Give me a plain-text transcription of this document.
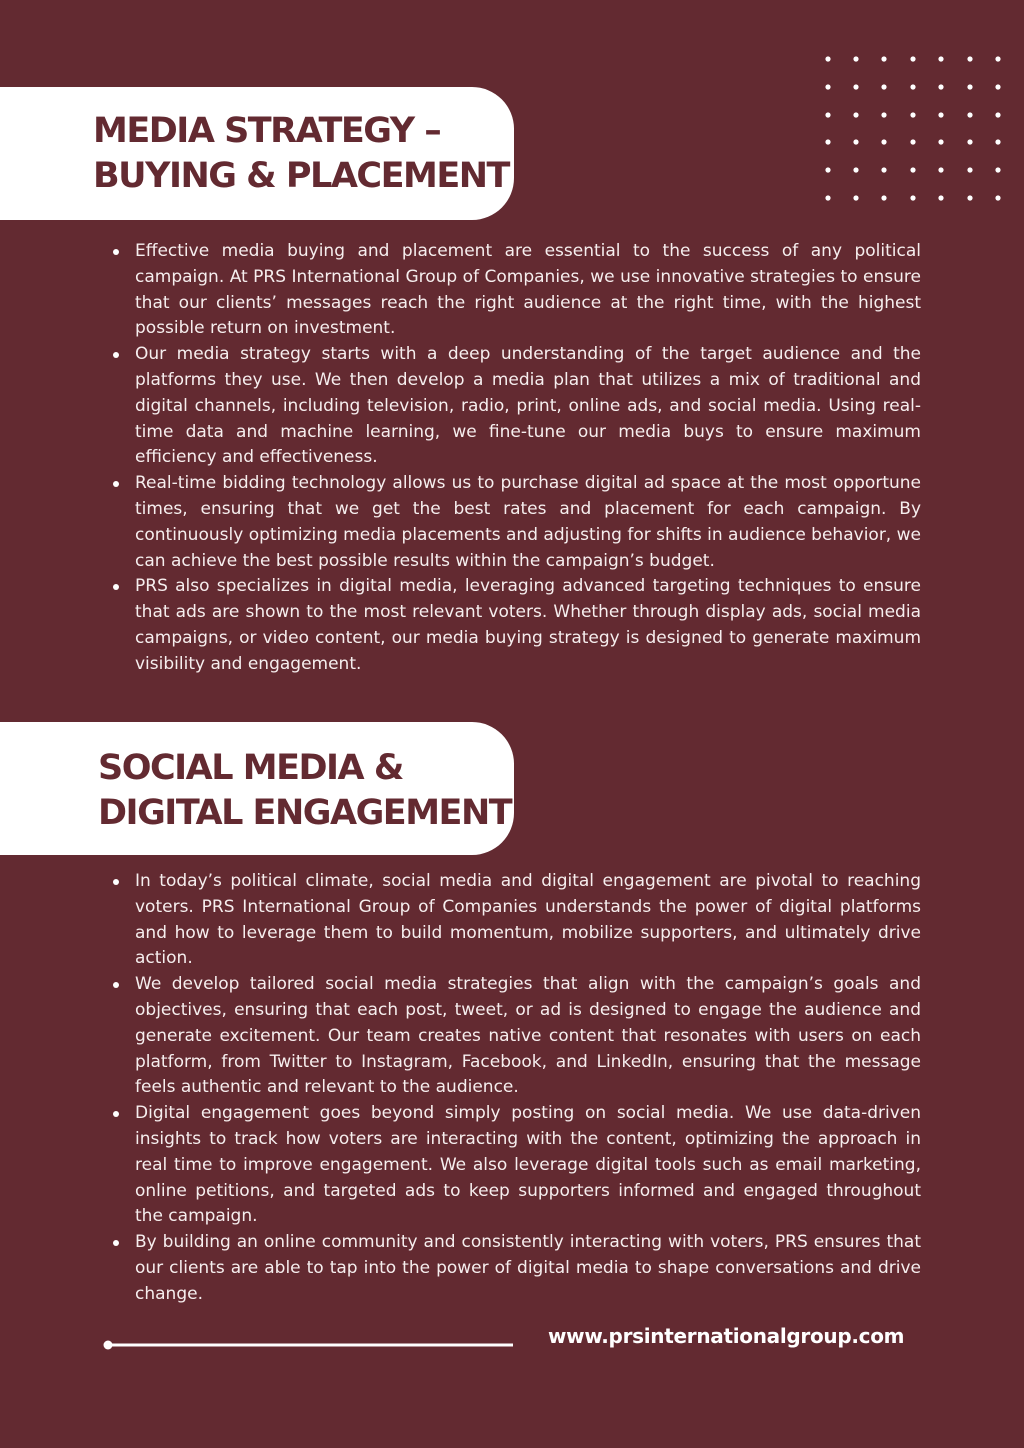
MEDIA STRATEGY –
BUYING & PLACEMENT
Effective media buying and placement are essential to the success of any political campaign. At PRS International Group of Companies, we use innovative strategies to ensure that our clients’ messages reach the right audience at the right time, with the highest possible return on investment.
Our media strategy starts with a deep understanding of the target audience and the platforms they use. We then develop a media plan that utilizes a mix of traditional and digital channels, including television, radio, print, online ads, and social media. Using real-time data and machine learning, we fine-tune our media buys to ensure maximum efficiency and effectiveness.
Real-time bidding technology allows us to purchase digital ad space at the most opportune times, ensuring that we get the best rates and placement for each campaign. By continuously optimizing media placements and adjusting for shifts in audience behavior, we can achieve the best possible results within the campaign’s budget.
PRS also specializes in digital media, leveraging advanced targeting techniques to ensure that ads are shown to the most relevant voters. Whether through display ads, social media campaigns, or video content, our media buying strategy is designed to generate maximum visibility and engagement.
SOCIAL MEDIA &
DIGITAL ENGAGEMENT
In today’s political climate, social media and digital engagement are pivotal to reaching voters. PRS International Group of Companies understands the power of digital platforms and how to leverage them to build momentum, mobilize supporters, and ultimately drive action.
We develop tailored social media strategies that align with the campaign’s goals and objectives, ensuring that each post, tweet, or ad is designed to engage the audience and generate excitement. Our team creates native content that resonates with users on each platform, from Twitter to Instagram, Facebook, and LinkedIn, ensuring that the message feels authentic and relevant to the audience.
Digital engagement goes beyond simply posting on social media. We use data-driven insights to track how voters are interacting with the content, optimizing the approach in real time to improve engagement. We also leverage digital tools such as email marketing, online petitions, and targeted ads to keep supporters informed and engaged throughout the campaign.
By building an online community and consistently interacting with voters, PRS ensures that our clients are able to tap into the power of digital media to shape conversations and drive change.
www.prsinternationalgroup.com
